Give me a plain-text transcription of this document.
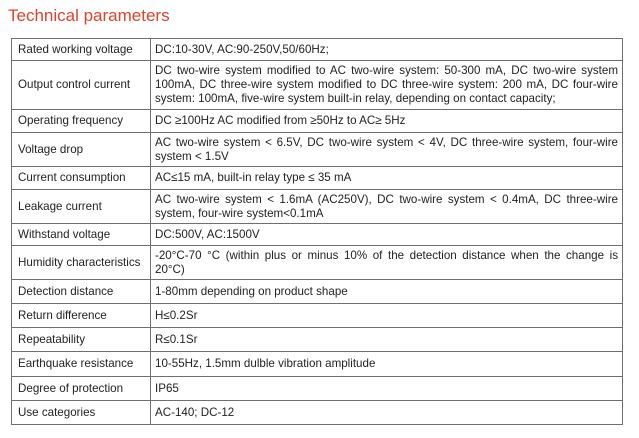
Technical parameters
Rated working voltage	DC:10-30V, AC:90-250V,50/60Hz;
Output control current	DC two-wire system modified to AC two-wire system: 50-300 mA, DC two-wire system 100mA, DC three-wire system modified to DC three-wire system: 200 mA, DC four-wire system: 100mA, five-wire system built-in relay, depending on contact capacity;
Operating frequency	DC ≥100Hz AC modified from ≥50Hz to AC≥ 5Hz
Voltage drop	AC two-wire system < 6.5V, DC two-wire system < 4V, DC three-wire system, four-wire system < 1.5V
Current consumption	AC≤15 mA, built-in relay type ≤ 35 mA
Leakage current	AC two-wire system < 1.6mA (AC250V), DC two-wire system < 0.4mA, DC three-wire system, four-wire system<0.1mA
Withstand voltage	DC:500V, AC:1500V
Humidity characteristics	-20°C-70 °C (within plus or minus 10% of the detection distance when the change is 20°C)
Detection distance	1-80mm depending on product shape
Return difference	H≤0.2Sr
Repeatability	R≤0.1Sr
Earthquake resistance	10-55Hz, 1.5mm dulble vibration amplitude
Degree of protection	IP65
Use categories	AC-140; DC-12
